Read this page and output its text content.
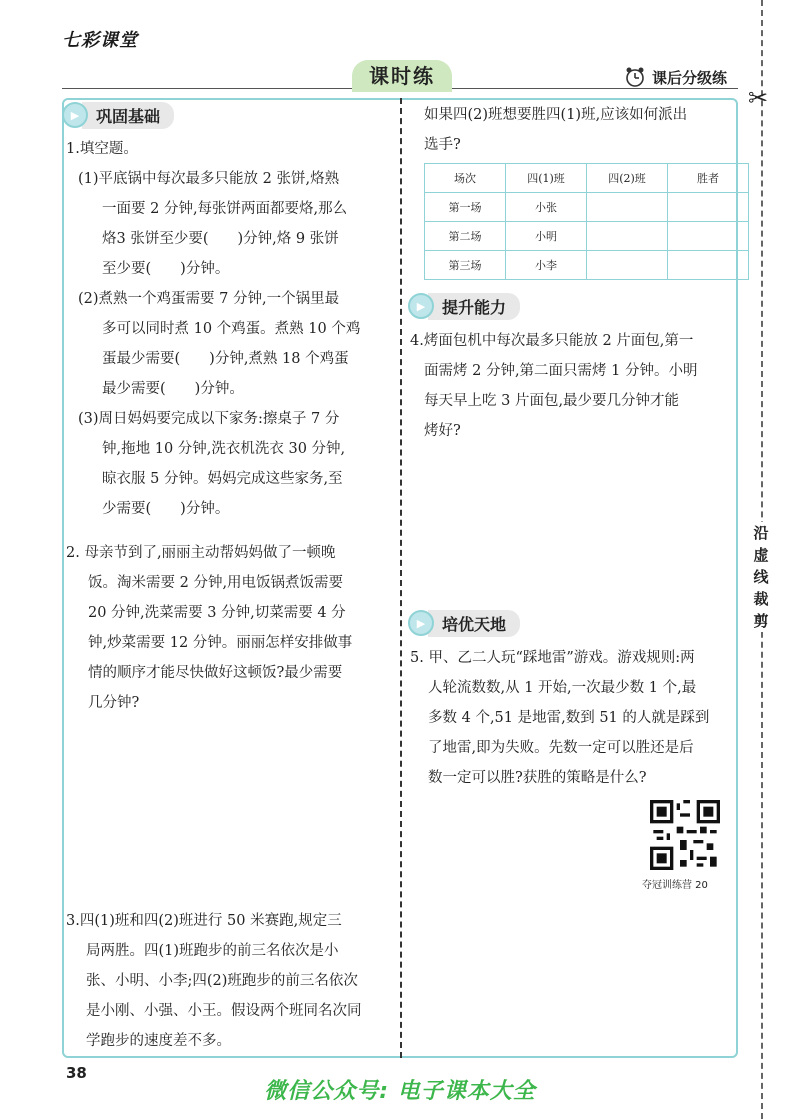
七彩课堂
课时练	课后分级练
✂
沿
虚
线
裁
剪
▶	巩固基础
1.填空题。
(1)平底锅中每次最多只能放 2 张饼,烙熟
一面要 2 分钟,每张饼两面都要烙,那么
烙3 张饼至少要(　　)分钟,烙 9 张饼
至少要(　　)分钟。
(2)煮熟一个鸡蛋需要 7 分钟,一个锅里最
多可以同时煮 10 个鸡蛋。煮熟 10 个鸡
蛋最少需要(　　)分钟,煮熟 18 个鸡蛋
最少需要(　　)分钟。
(3)周日妈妈要完成以下家务:擦桌子 7 分
钟,拖地 10 分钟,洗衣机洗衣 30 分钟,
晾衣服 5 分钟。妈妈完成这些家务,至
少需要(　　)分钟。
2. 母亲节到了,丽丽主动帮妈妈做了一顿晚
饭。淘米需要 2 分钟,用电饭锅煮饭需要
20 分钟,洗菜需要 3 分钟,切菜需要 4 分
钟,炒菜需要 12 分钟。丽丽怎样安排做事
情的顺序才能尽快做好这顿饭?最少需要
几分钟?
3.四(1)班和四(2)班进行 50 米赛跑,规定三
局两胜。四(1)班跑步的前三名依次是小
张、小明、小李;四(2)班跑步的前三名依次
是小刚、小强、小王。假设两个班同名次同
学跑步的速度差不多。
如果四(2)班想要胜四(1)班,应该如何派出
选手?
场次	四(1)班	四(2)班	胜者
第一场	小张		
第二场	小明		
第三场	小李		
▶	提升能力
4.烤面包机中每次最多只能放 2 片面包,第一
面需烤 2 分钟,第二面只需烤 1 分钟。小明
每天早上吃 3 片面包,最少要几分钟才能
烤好?
▶	培优天地
5. 甲、乙二人玩“踩地雷”游戏。游戏规则:两
人轮流数数,从 1 开始,一次最少数 1 个,最
多数 4 个,51 是地雷,数到 51 的人就是踩到
了地雷,即为失败。先数一定可以胜还是后
数一定可以胜?获胜的策略是什么?
夺冠训练营 20
38
微信公众号: 电子课本大全
